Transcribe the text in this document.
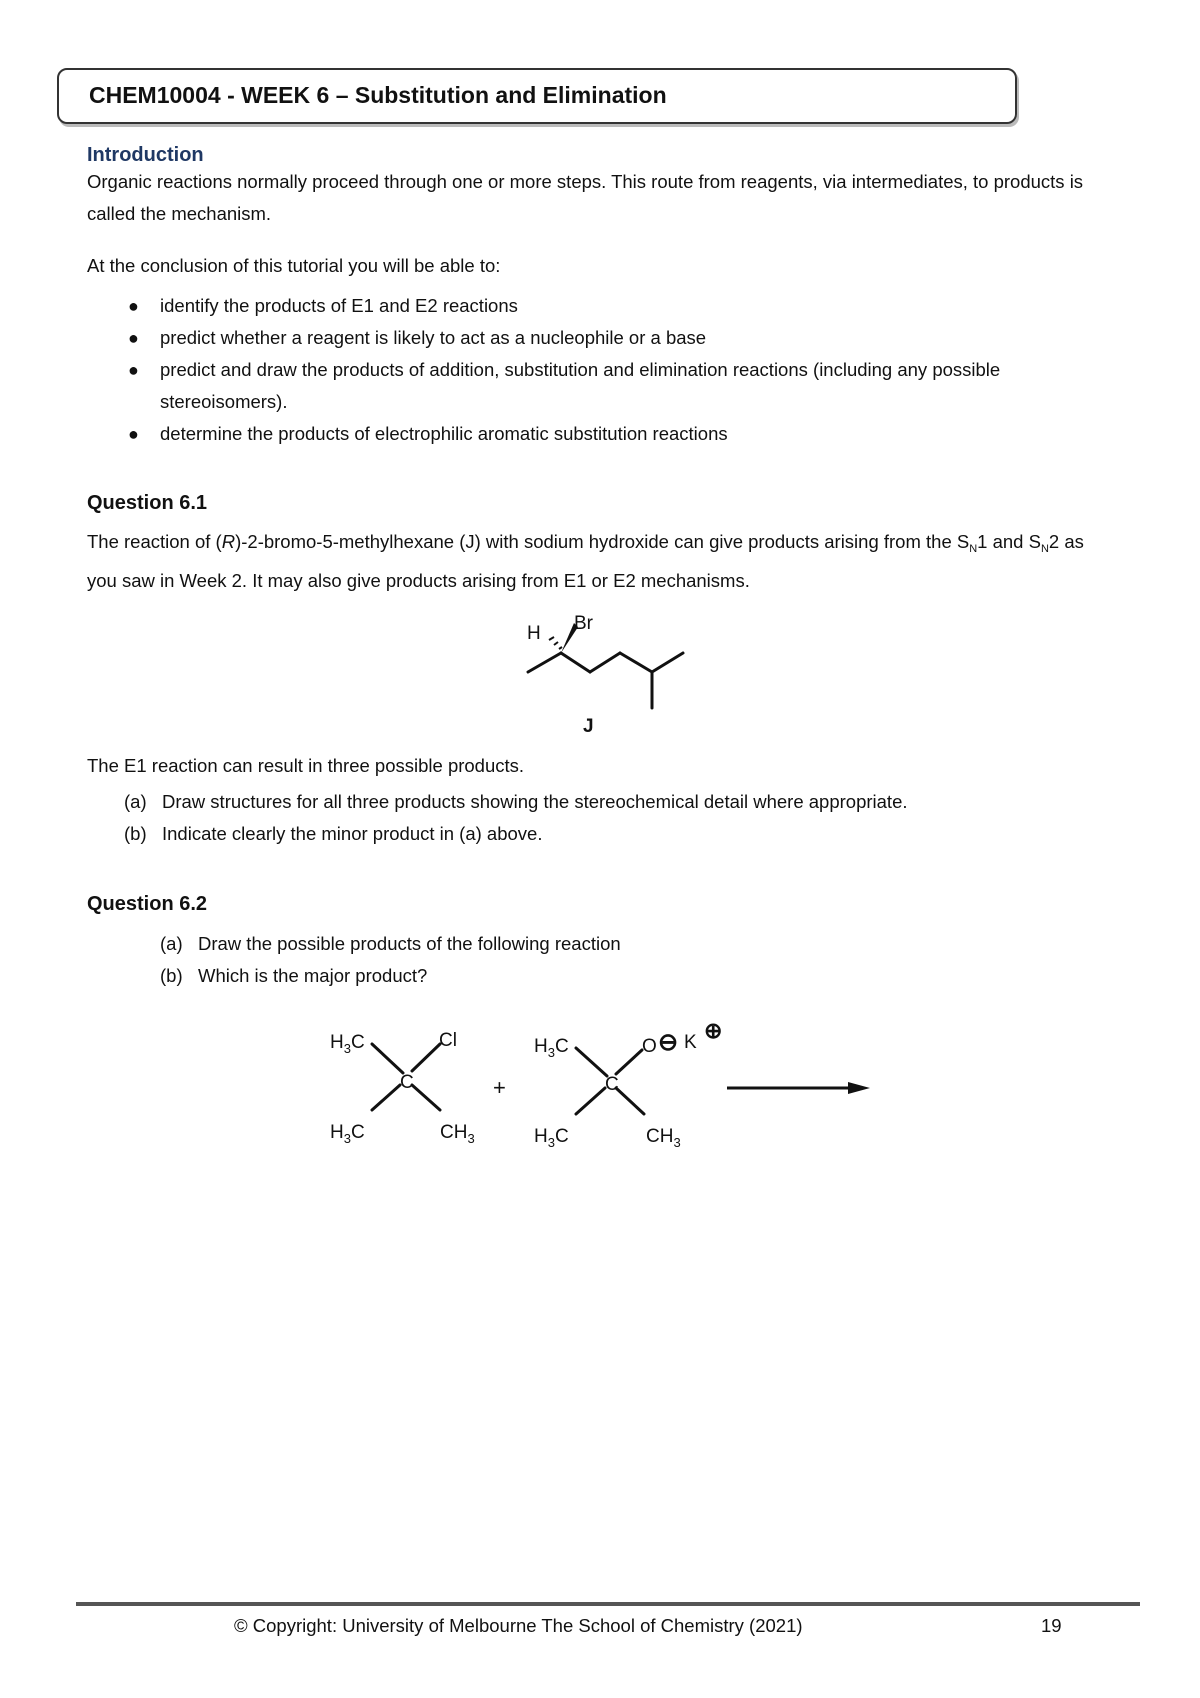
CHEM10004 - WEEK 6 – Substitution and Elimination
Introduction
Organic reactions normally proceed through one or more steps. This route from reagents, via intermediates, to products is called the mechanism.
At the conclusion of this tutorial you will be able to:
● identify the products of E1 and E2 reactions
● predict whether a reagent is likely to act as a nucleophile or a base
● predict and draw the products of addition, substitution and elimination reactions (including any possible stereoisomers).
● determine the products of electrophilic aromatic substitution reactions
Question 6.1
The reaction of (R)-2-bromo-5-methylhexane (J) with sodium hydroxide can give products arising from the $S_N1$ and $S_N2$ as you saw in Week 2. It may also give products arising from E1 or E2 mechanisms.
H Br
J
The E1 reaction can result in three possible products.
(a) Draw structures for all three products showing the stereochemical detail where appropriate.
(b) Indicate clearly the minor product in (a) above.
Question 6.2
(a) Draw the possible products of the following reaction
(b) Which is the major product?
$H_3C$	Cl
C
$H_3C$	$CH_3$
+
$H_3C$	O ⊖ K ⊕
C
$H_3C$	$CH_3$
© Copyright: University of Melbourne The School of Chemistry (2021)	19
